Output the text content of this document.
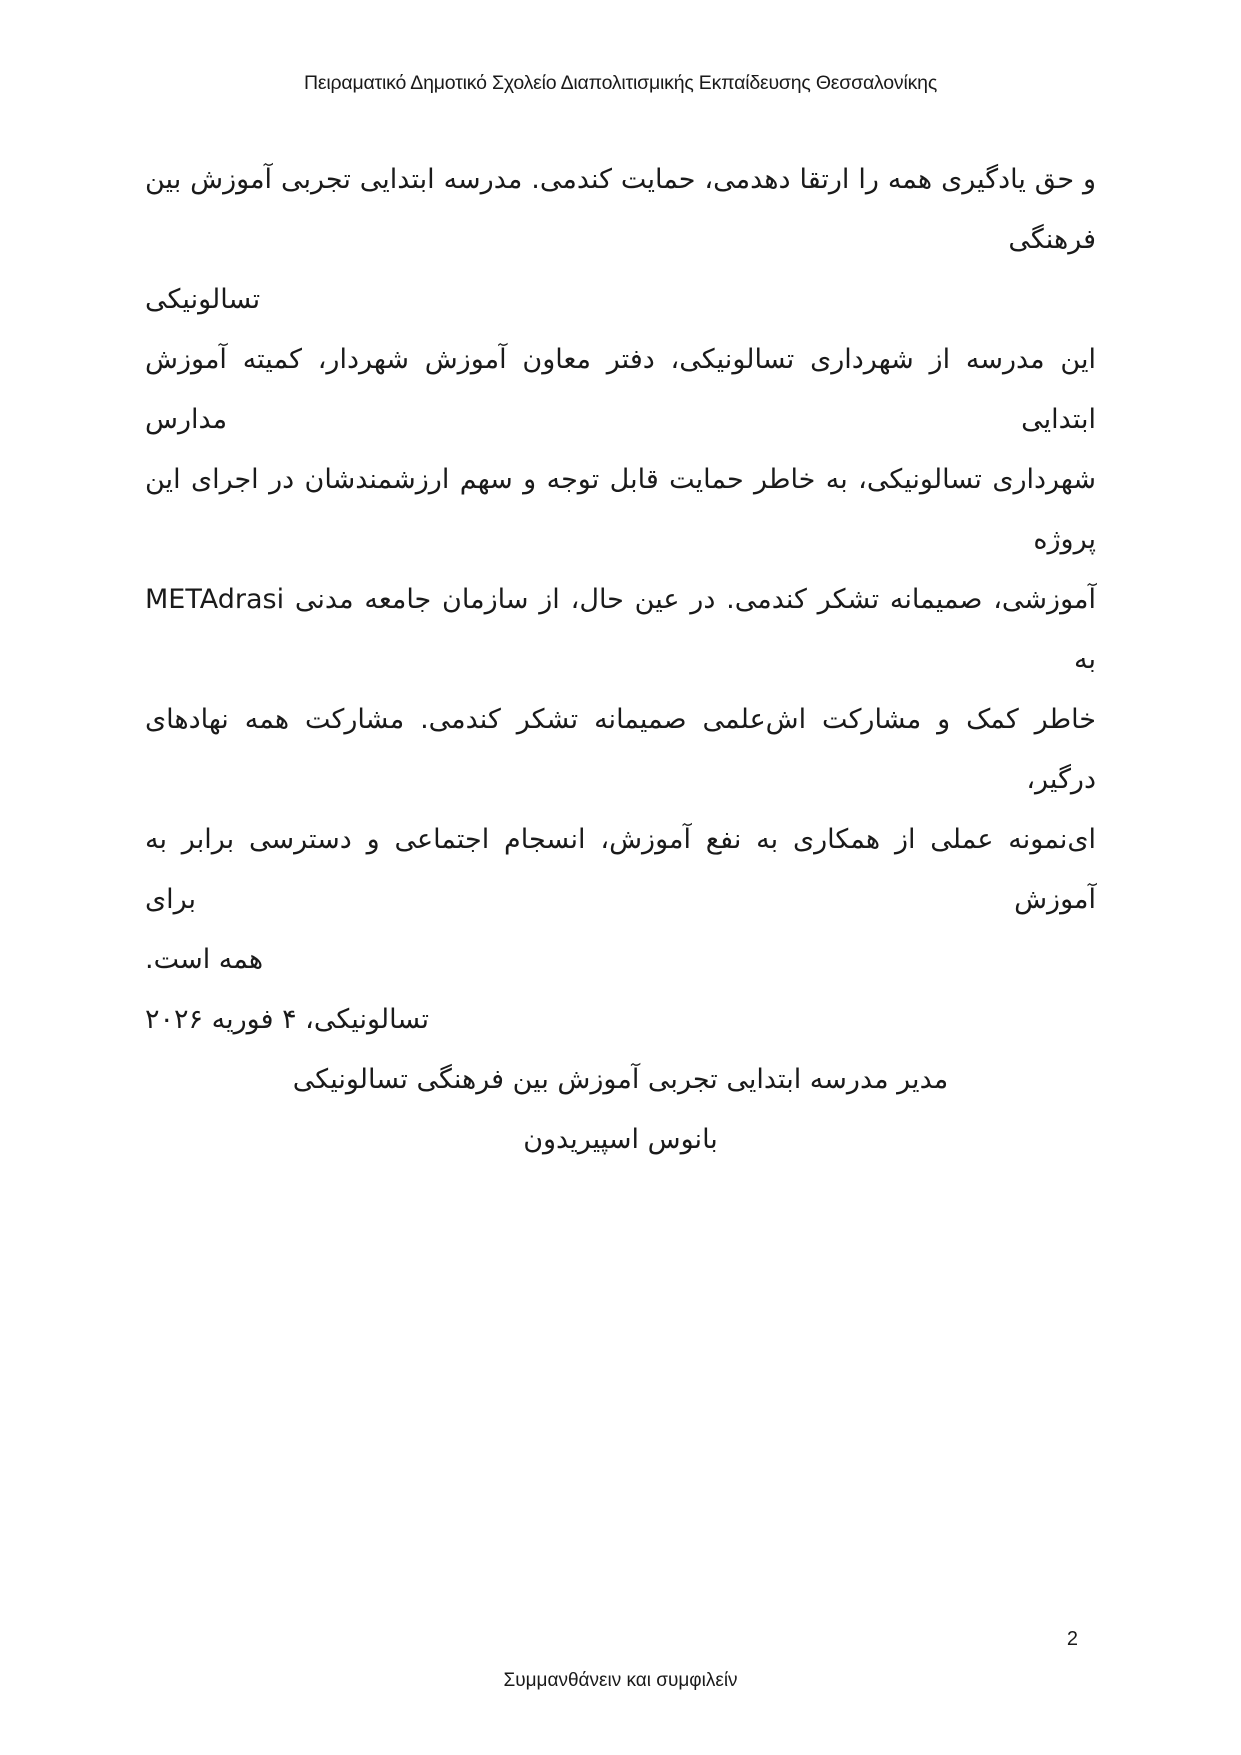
Πειραματικό Δημοτικό Σχολείο Διαπολιτισμικής Εκπαίδευσης Θεσσαλονίκης
و حق یادگیری همه را ارتقا دهدمی، حمایت کندمی. مدرسه ابتدایی تجربی آموزش بین فرهنگی
تسالونیکی
این مدرسه از شهرداری تسالونیکی، دفتر معاون آموزش شهردار، کمیته آموزش ابتدایی مدارس
شهرداری تسالونیکی، به خاطر حمایت قابل توجه و سهم ارزشمندشان در اجرای این پروژه
آموزشی، صمیمانه تشکر کندمی. در عین حال، از سازمان جامعه مدنی METAdrasi به
خاطر کمک و مشارکت اش‌علمی صمیمانه تشکر کندمی. مشارکت همه نهادهای درگیر،
ای‌نمونه عملی از همکاری به نفع آموزش، انسجام اجتماعی و دسترسی برابر به آموزش برای
همه است.
تسالونیکی، ۴ فوریه ۲۰۲۶
مدیر مدرسه ابتدایی تجربی آموزش بین فرهنگی تسالونیکی
بانوس اسپیریدون
2
Συμμανθάνειν και συμφιλείν
